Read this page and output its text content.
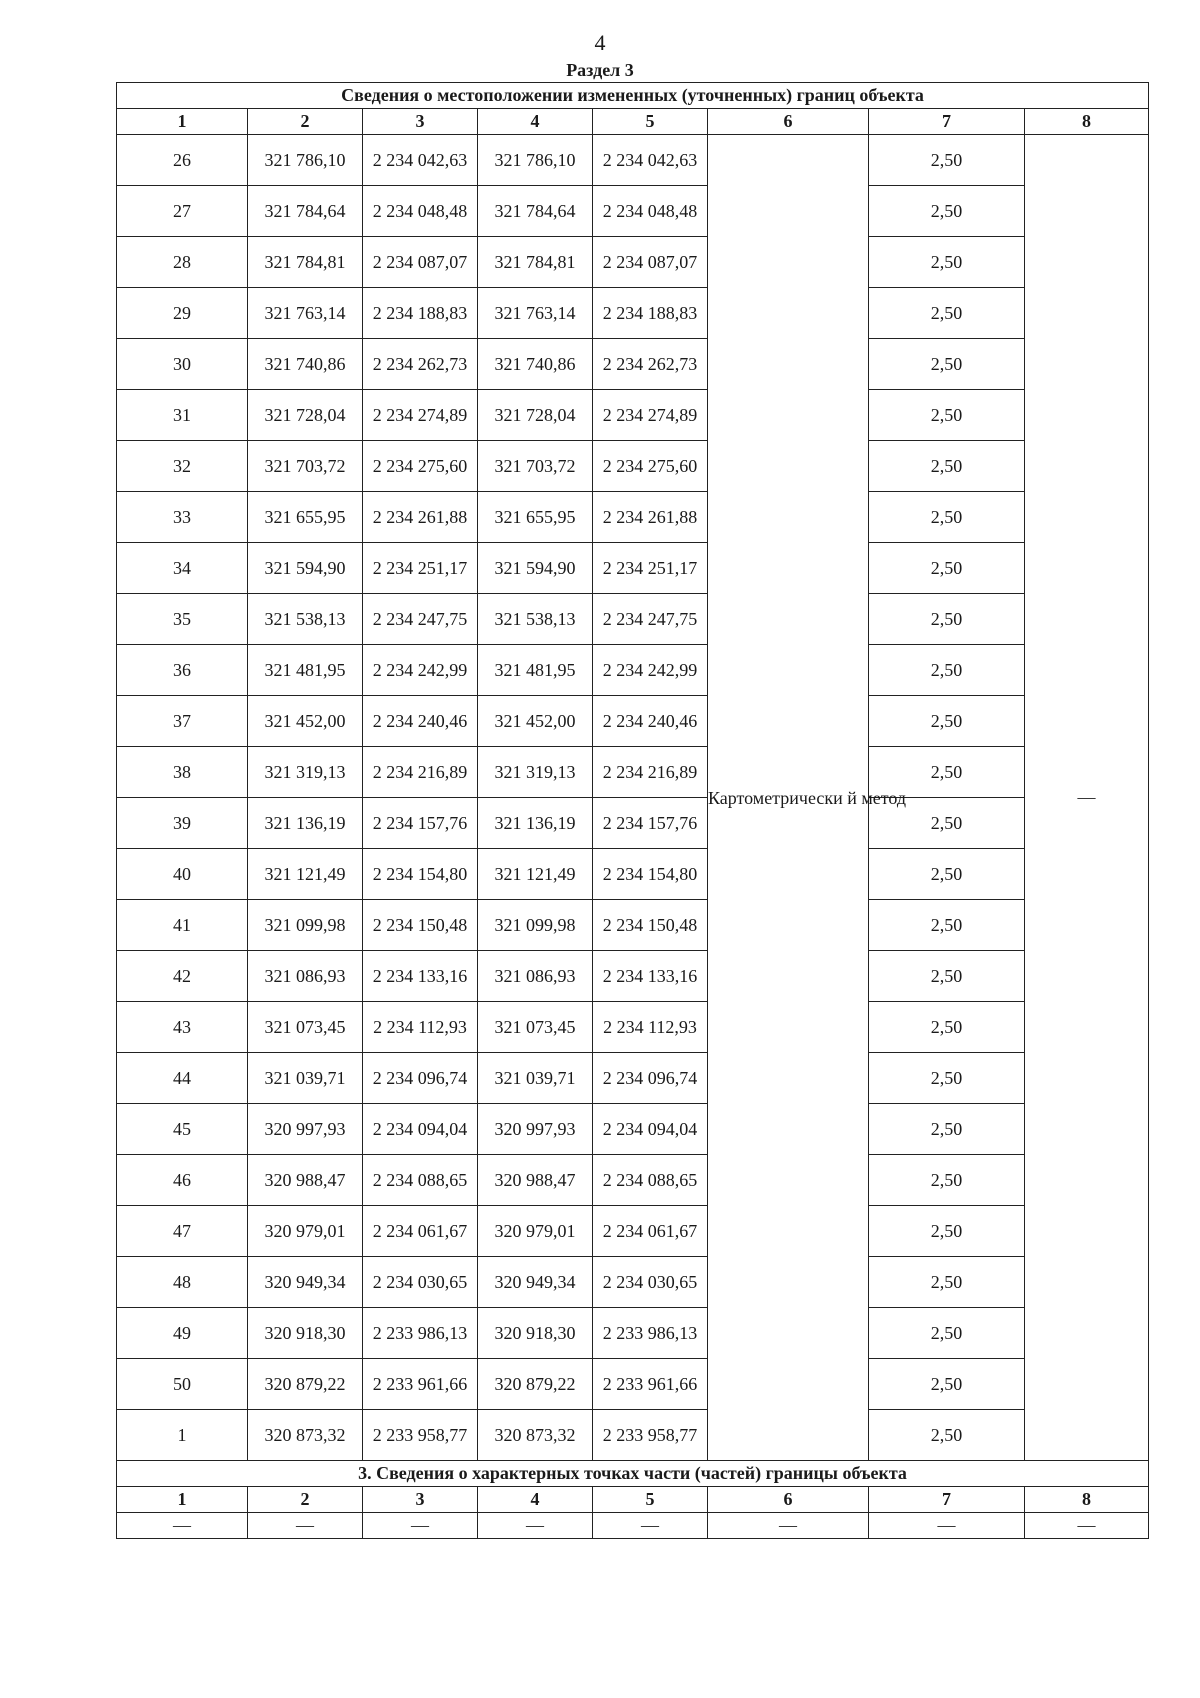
4
Раздел 3
Сведения о местоположении измененных (уточненных) границ объекта							
1	2	3	4	5	6	7	8
26	321 786,10	2 234 042,63	321 786,10	2 234 042,63	Картометрически й метод	2,50	—
27	321 784,64	2 234 048,48	321 784,64	2 234 048,48		2,50	
28	321 784,81	2 234 087,07	321 784,81	2 234 087,07		2,50	
29	321 763,14	2 234 188,83	321 763,14	2 234 188,83		2,50	
30	321 740,86	2 234 262,73	321 740,86	2 234 262,73		2,50	
31	321 728,04	2 234 274,89	321 728,04	2 234 274,89		2,50	
32	321 703,72	2 234 275,60	321 703,72	2 234 275,60		2,50	
33	321 655,95	2 234 261,88	321 655,95	2 234 261,88		2,50	
34	321 594,90	2 234 251,17	321 594,90	2 234 251,17		2,50	
35	321 538,13	2 234 247,75	321 538,13	2 234 247,75		2,50	
36	321 481,95	2 234 242,99	321 481,95	2 234 242,99		2,50	
37	321 452,00	2 234 240,46	321 452,00	2 234 240,46		2,50	
38	321 319,13	2 234 216,89	321 319,13	2 234 216,89		2,50	
39	321 136,19	2 234 157,76	321 136,19	2 234 157,76		2,50	
40	321 121,49	2 234 154,80	321 121,49	2 234 154,80		2,50	
41	321 099,98	2 234 150,48	321 099,98	2 234 150,48		2,50	
42	321 086,93	2 234 133,16	321 086,93	2 234 133,16		2,50	
43	321 073,45	2 234 112,93	321 073,45	2 234 112,93		2,50	
44	321 039,71	2 234 096,74	321 039,71	2 234 096,74		2,50	
45	320 997,93	2 234 094,04	320 997,93	2 234 094,04		2,50	
46	320 988,47	2 234 088,65	320 988,47	2 234 088,65		2,50	
47	320 979,01	2 234 061,67	320 979,01	2 234 061,67		2,50	
48	320 949,34	2 234 030,65	320 949,34	2 234 030,65		2,50	
49	320 918,30	2 233 986,13	320 918,30	2 233 986,13		2,50	
50	320 879,22	2 233 961,66	320 879,22	2 233 961,66		2,50	
1	320 873,32	2 233 958,77	320 873,32	2 233 958,77		2,50	
3. Сведения о характерных точках части (частей) границы объекта							
1	2	3	4	5	6	7	8
—	—	—	—	—	—	—	—
